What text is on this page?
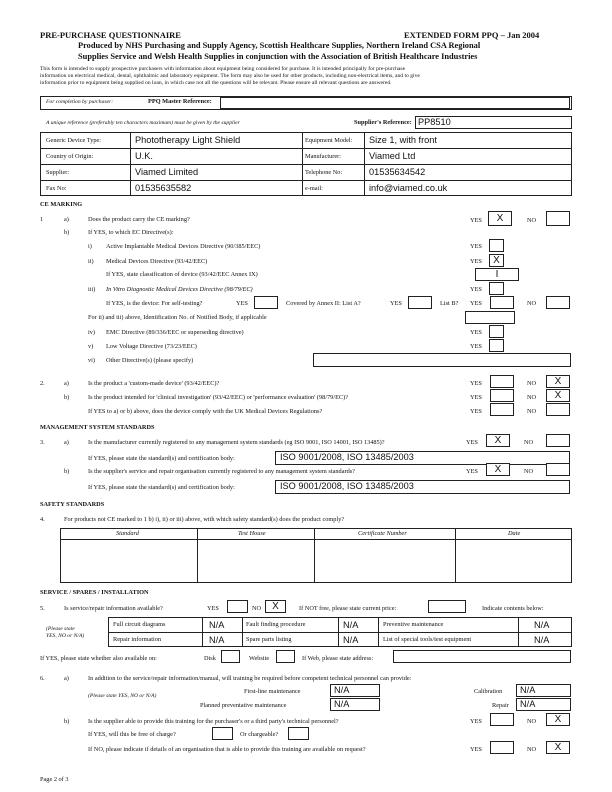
PRE-PURCHASE QUESTIONNAIRE	EXTENDED FORM PPQ – Jan 2004
Produced by NHS Purchasing and Supply Agency, Scottish Healthcare Supplies, Northern Ireland CSA Regional
Supplies Service and Welsh Health Supplies in conjunction with the Association of British Healthcare Industries
This form is intended to supply prospective purchasers with information about equipment being considered for purchase. It is intended principally for pre-purchase
information on electrical medical, dental, ophthalmic and laboratory equipment. The form may also be used for other products, including non-electrical items, and to give
information prior to equipment being supplied on loan, in which case not all the questions will be relevant. Please ensure all relevant questions are answered.
For completion by purchaser:	PPQ Master Reference:
A unique reference (preferably ten characters maximum) must be given by the supplier	Supplier's Reference: PP8510
Generic Device Type:	Phototherapy Light Shield	Equipment Model: Size 1, with front
Country of Origin:	U.K.	Manufacturer:	Viamed Ltd
Supplier:	Viamed Limited	Telephone No:	01535634542
Fax No:	01535635582	e-mail:	info@viamed.co.uk
CE MARKING
1	a)	Does the product carry the CE marking?	YES	X	NO
b)	If YES, to which EC Directive(s):
i) Active Implantable Medical Devices Directive (90/385/EEC)	YES
ii) Medical Devices Directive (93/42/EEC)	YES	X
If YES, state classification of device (93/42/EEC Annex IX)	I
iii) In Vitro Diagnostic Medical Devices Directive (98/79/EC)	YES
If YES, is the device: For self-testing?	YES	Covered by Annex II: List A?	YES	List B? YES	NO
For ii) and iii) above, Identification No. of Notified Body, if applicable
iv) EMC Directive (89/336/EEC or superseding directive)	YES
v) Low Voltage Directive (73/23/EEC)	YES
vi) Other Directive(s) (please specify)
2.	a)	Is the product a 'custom-made device' (93/42/EEC)?	YES	NO	X
b)	Is the product intended for 'clinical investigation' (93/42/EEC) or 'performance evaluation' (98/79/EC)?	YES	NO	X
If YES to a) or b) above, does the device comply with the UK Medical Devices Regulations?	YES	NO
MANAGEMENT SYSTEM STANDARDS
3.	a)	Is the manufacturer currently registered to any management system standards (eg ISO 9001, ISO 14001, ISO 13485)?	YES	X	NO
If YES, please state the standard(s) and certification body:	ISO 9001/2008, ISO 13485/2003
b)	Is the supplier's service and repair organisation currently registered to any management system standards?	YES	X	NO
If YES, please state the standard(s) and certification body:	ISO 9001/2008, ISO 13485/2003
SAFETY STANDARDS
4.	For products not CE marked to 1 b) i), ii) or iii) above, with which safety standard(s) does the product comply?
Standard	Test House	Certificate Number	Date
SERVICE / SPARES / INSTALLATION
5.	Is service/repair information available?	YES	NO	X	If NOT free, please state current price:	Indicate contents below:
(Please state
YES, NO or N/A)
Full circuit diagrams	N/A	Fault finding procedure	N/A	Preventive maintenance	N/A
Repair information	N/A	Spare parts listing	N/A	List of special tools/test equipment	N/A
If YES, please state whether also available on:	Disk	Website	If Web, please state address:
6.	a)	In addition to the service/repair information/manual, will training be required before competent technical personnel can provide:
(Please state YES, NO or N/A)
First-line maintenance	N/A	Calibration N/A
Planned preventative maintenance	N/A	Repair N/A
b)	Is the supplier able to provide this training for the purchaser's or a third party's technical personnel?	YES	NO	X
If YES, will this be free of charge?	Or chargeable?
If NO, please indicate if details of an organisation that is able to provide this training are available on request?	YES	NO	X
Page 2 of 3
